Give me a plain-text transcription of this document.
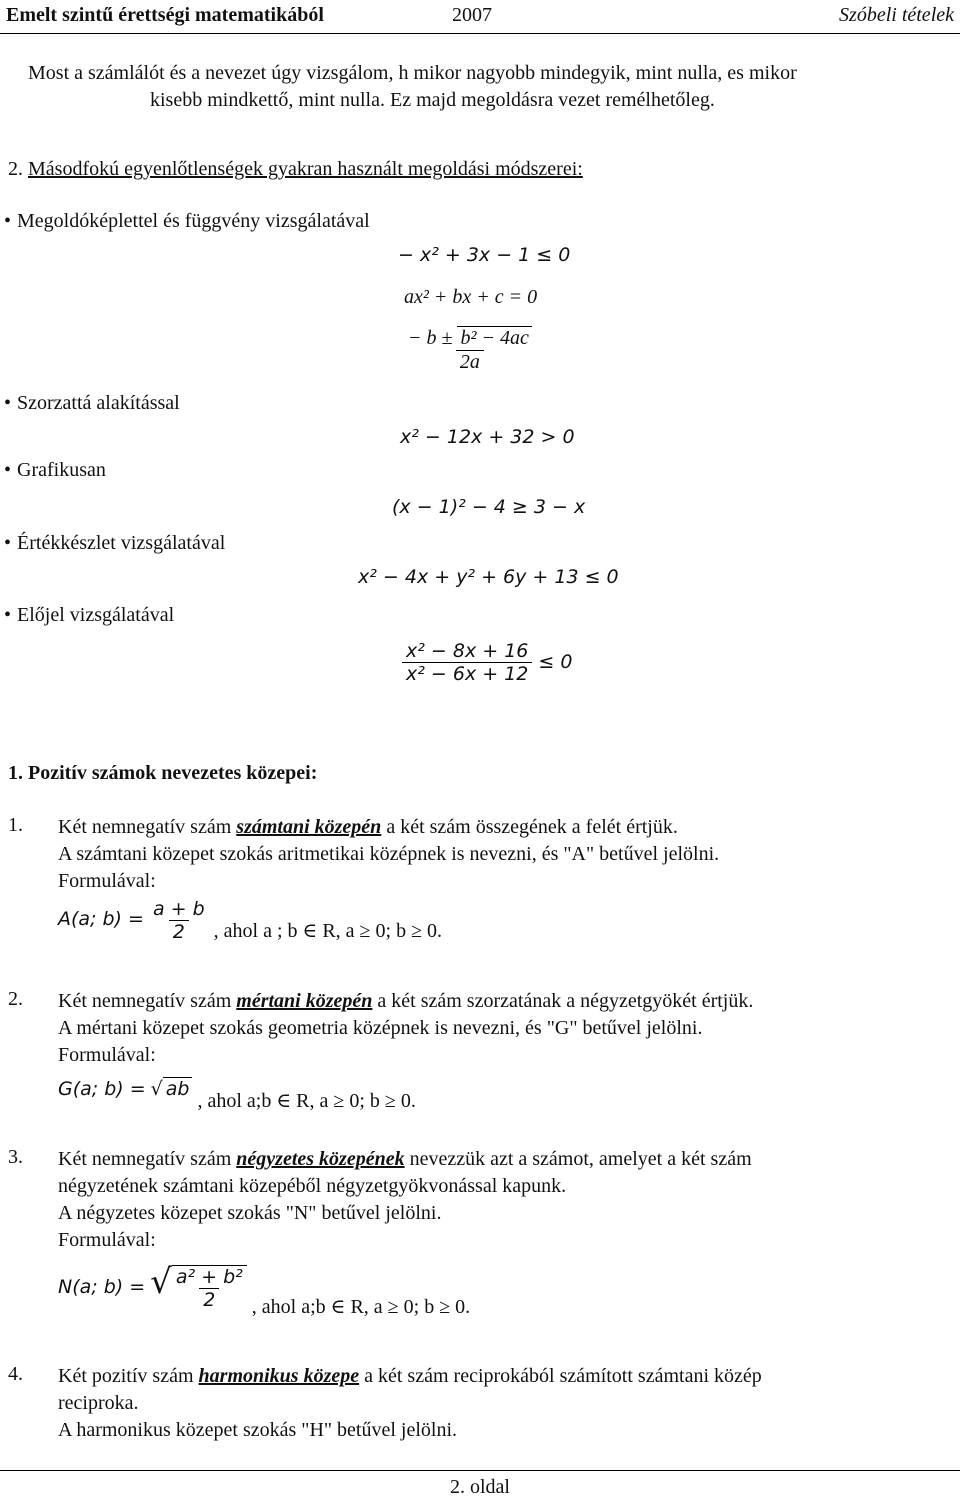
Emelt szintű érettségi matematikából	2007	Szóbeli tételek
Most a számlálót és a nevezet úgy vizsgálom, h mikor nagyobb mindegyik, mint nulla, es mikor
kisebb mindkettő, mint nulla. Ez majd megoldásra vezet remélhetőleg.
2. Másodfokú egyenlőtlenségek gyakran használt megoldási módszerei:
• Megoldóképlettel és függvény vizsgálatával
• Szorzattá alakítással
• Grafikusan
• Értékkészlet vizsgálatával
• Előjel vizsgálatával
− x² + 3x − 1 ≤ 0
ax² + bx + c = 0
$\frac{\text{− b ± b² − 4ac}}{2a}$
x² − 12x + 32 > 0
(x − 1)² − 4 ≥ 3 − x
x² − 4x + y² + 6y + 13 ≤ 0
$\frac{\text{x² − 8x + 16}}{\text{x² − 6x + 12}} \le 0$
1. Pozitív számok nevezetes közepei:
1. Két nemnegatív szám számtani közepén a két szám összegének a felét értjük.
A számtani közepet szokás aritmetikai középnek is nevezni, és "A" betűvel jelölni.
Formulával:
A(a; $b) = \frac{a + b}{2}$ , ahol a ; b ∈ R, a ≥ 0; b ≥ 0.
2. Két nemnegatív szám mértani közepén a két szám szorzatának a négyzetgyökét értjük.
A mértani közepet szokás geometria középnek is nevezni, és "G" betűvel jelölni.
Formulával:
G(a; b) = √ ab , ahol a;b ∈ R, a ≥ 0; b ≥ 0.
3. Két nemnegatív szám négyzetes közepének nevezzük azt a számot, amelyet a két szám
négyzetének számtani közepéből négyzetgyökvonással kapunk.
A négyzetes közepet szokás "N" betűvel jelölni.
Formulával:
N(a; b) = √ $\frac{\text{a² + b²}}{2}$ , ahol a;b ∈ R, a ≥ 0; b ≥ 0.
4. Két pozitív szám harmonikus közepe a két szám reciprokából számított számtani közép
reciproka.
A harmonikus közepet szokás "H" betűvel jelölni.
2. oldal
